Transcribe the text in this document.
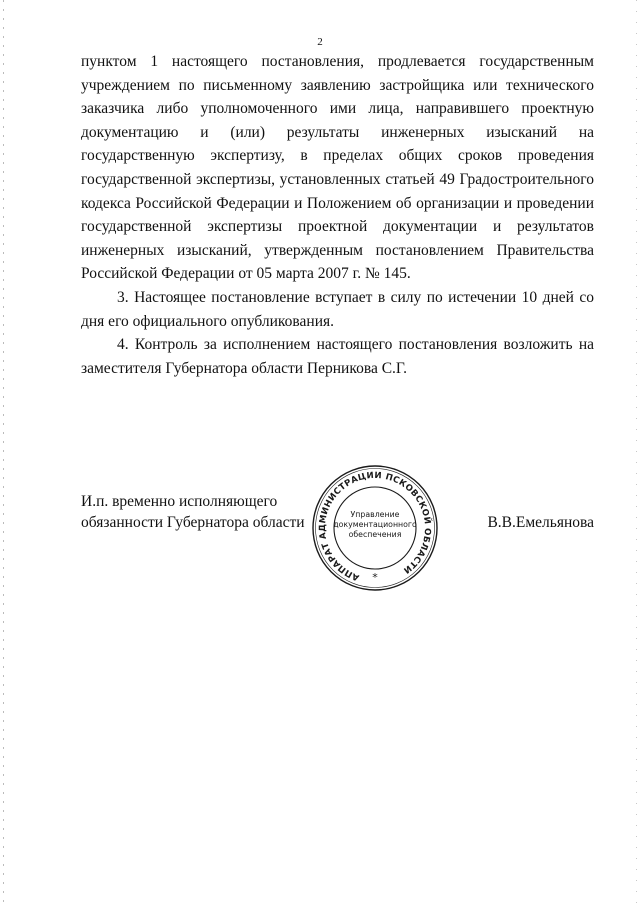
2

пунктом 1 настоящего постановления, продлевается государственным учреждением по письменному заявлению застройщика или технического заказчика либо уполномоченного ими лица, направившего проектную документацию и (или) результаты инженерных изысканий на государственную экспертизу, в пределах общих сроков проведения государственной экспертизы, установленных статьей 49 Градостроительного кодекса Российской Федерации и Положением об организации и проведении государственной экспертизы проектной документации и результатов инженерных изысканий, утвержденным постановлением Правительства Российской Федерации от 05 марта 2007 г. № 145.

3. Настоящее постановление вступает в силу по истечении 10 дней со дня его официального опубликования.

4. Контроль за исполнением настоящего постановления возложить на заместителя Губернатора области Перникова С.Г.

И.п. временно исполняющего
обязанности Губернатора области	В.В.Емельянова
АППАРАТ АДМИНИСТРАЦИИ ПСКОВСКОЙ ОБЛАСТИ
Управление
документационного
обеспечения
*
